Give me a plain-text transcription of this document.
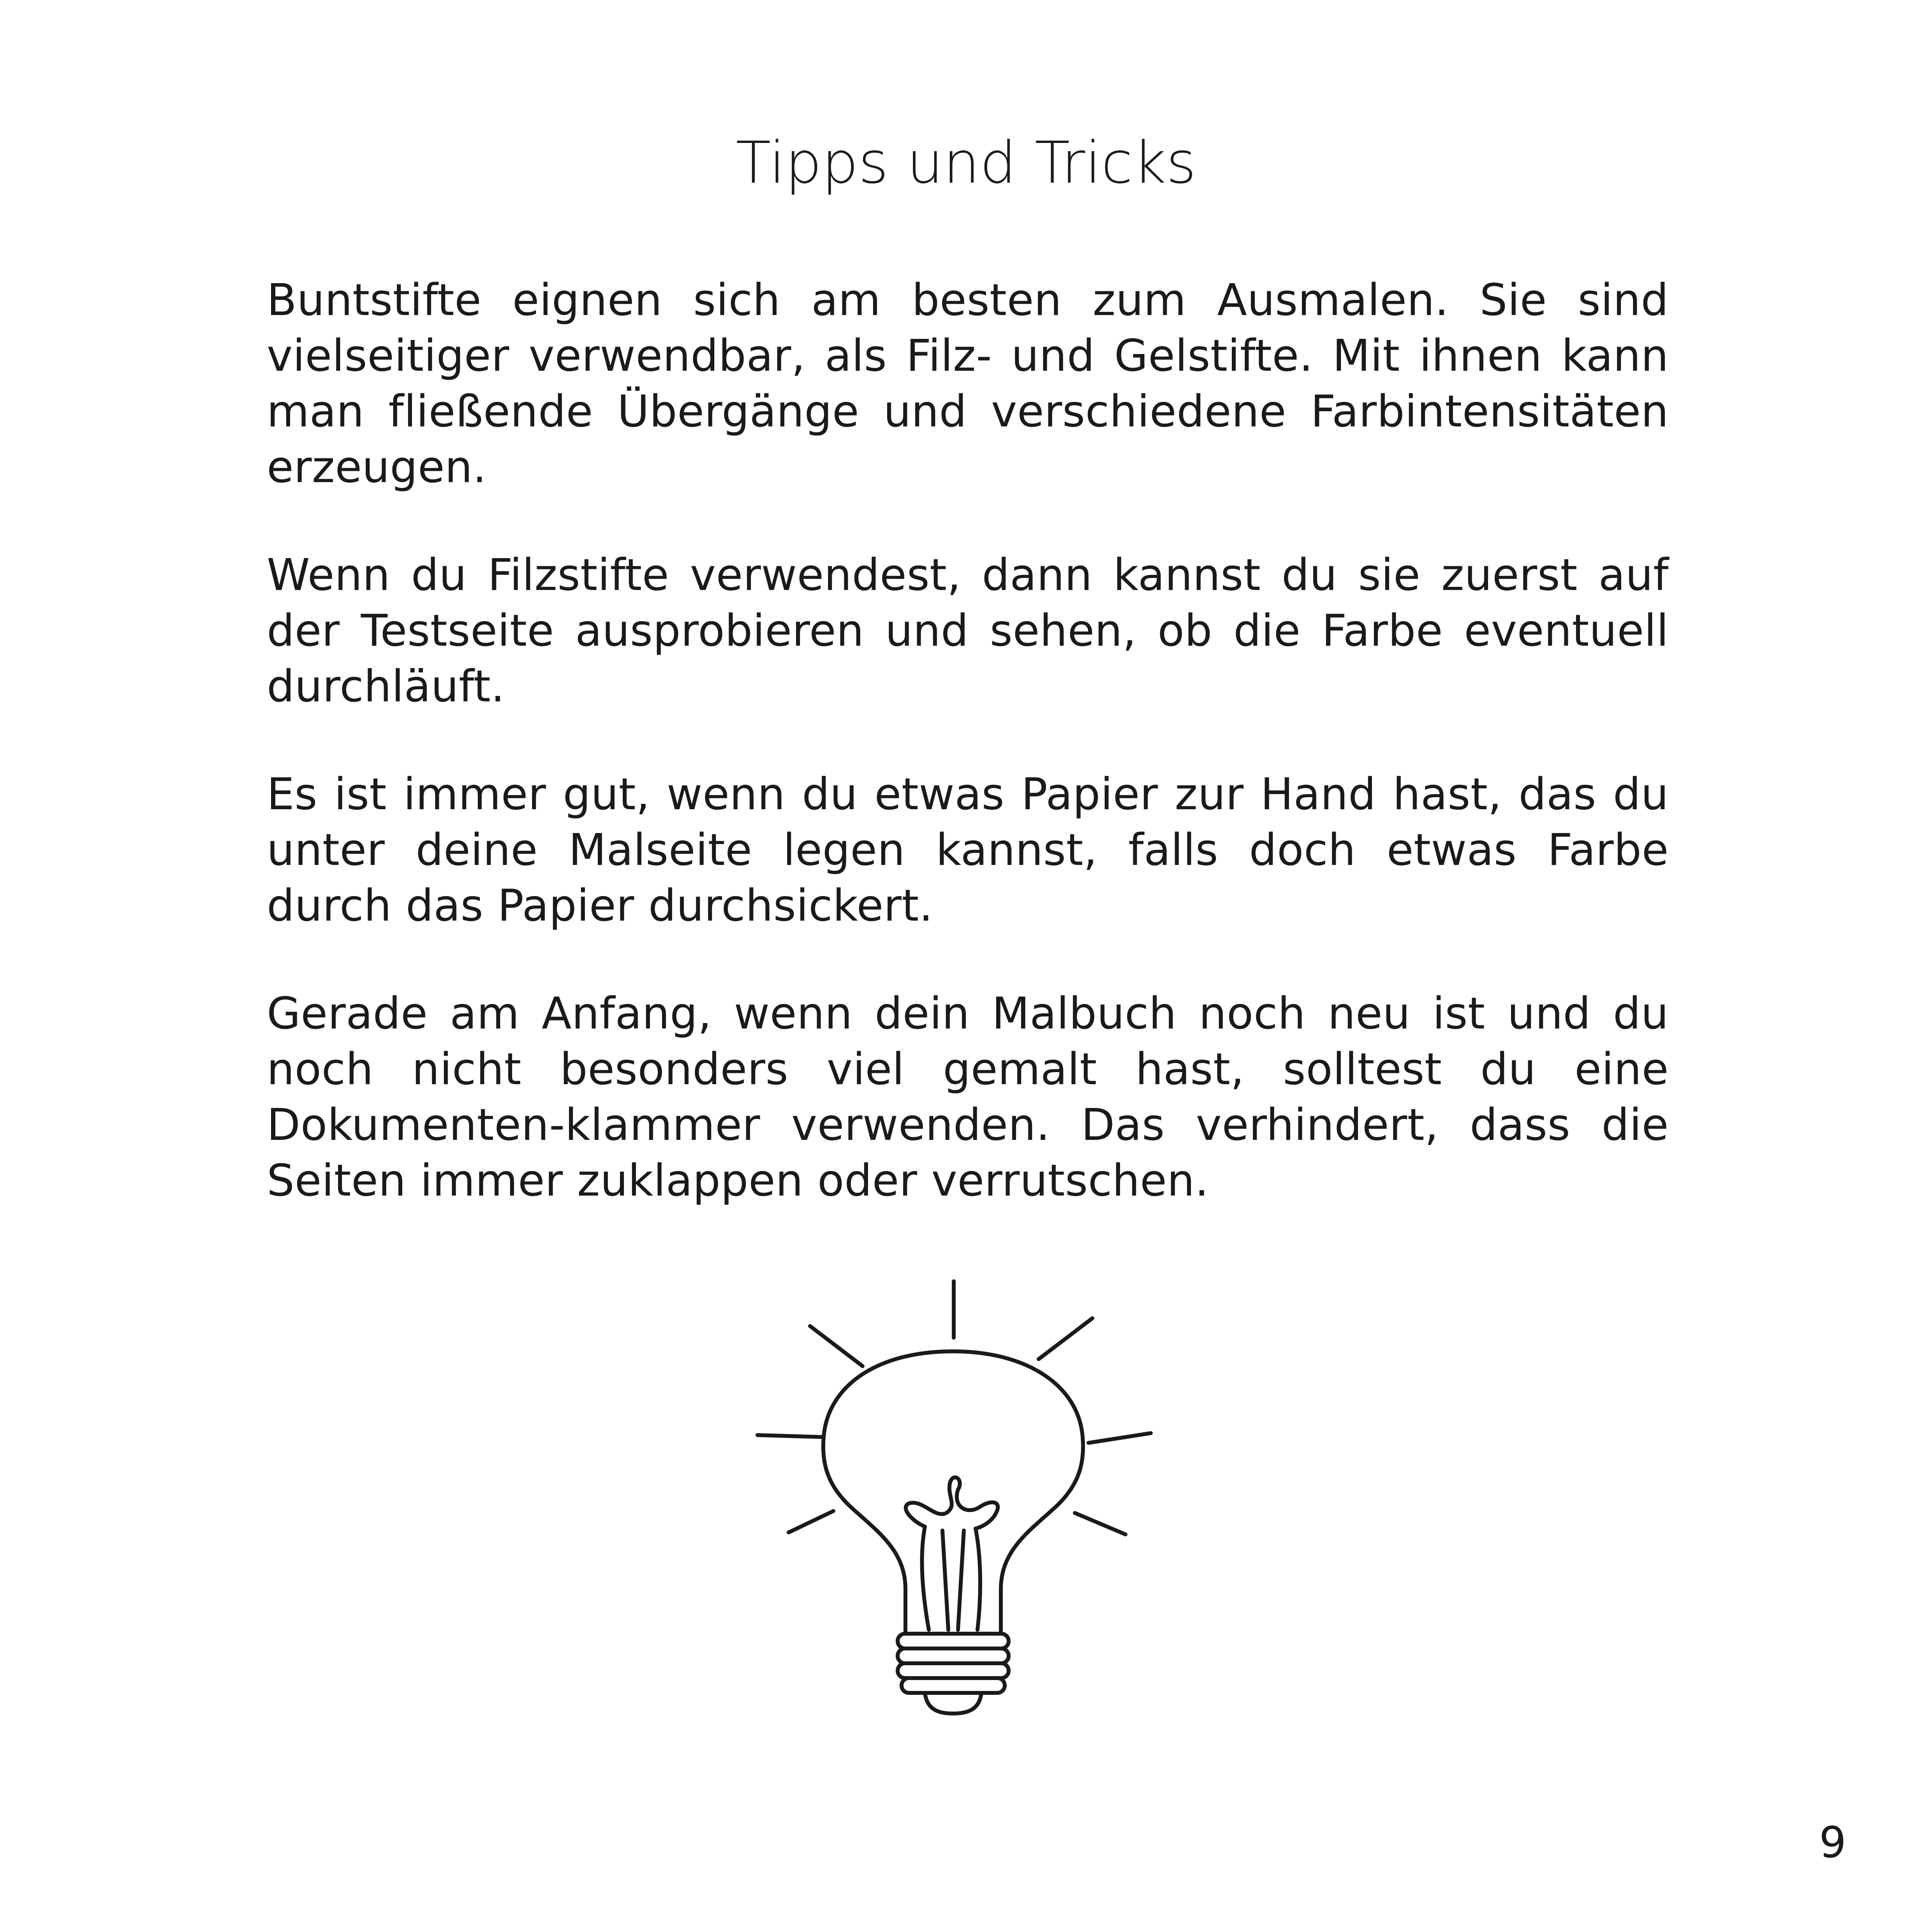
Tipps und Tricks

Buntstifte eignen sich am besten zum Ausmalen. Sie sind vielseitiger verwendbar, als Filz- und Gelstifte. Mit ihnen kann man fließende Übergänge und verschiedene Farbintensitäten erzeugen.

Wenn du Filzstifte verwendest, dann kannst du sie zuerst auf der Testseite ausprobieren und sehen, ob die Farbe eventuell durchläuft.

Es ist immer gut, wenn du etwas Papier zur Hand hast, das du unter deine Malseite legen kannst, falls doch etwas Farbe durch das Papier durchsickert.

Gerade am Anfang, wenn dein Malbuch noch neu ist und du noch nicht besonders viel gemalt hast, solltest du eine Dokumenten-klammer verwenden. Das verhindert, dass die Seiten immer zuklappen oder verrutschen.

9
